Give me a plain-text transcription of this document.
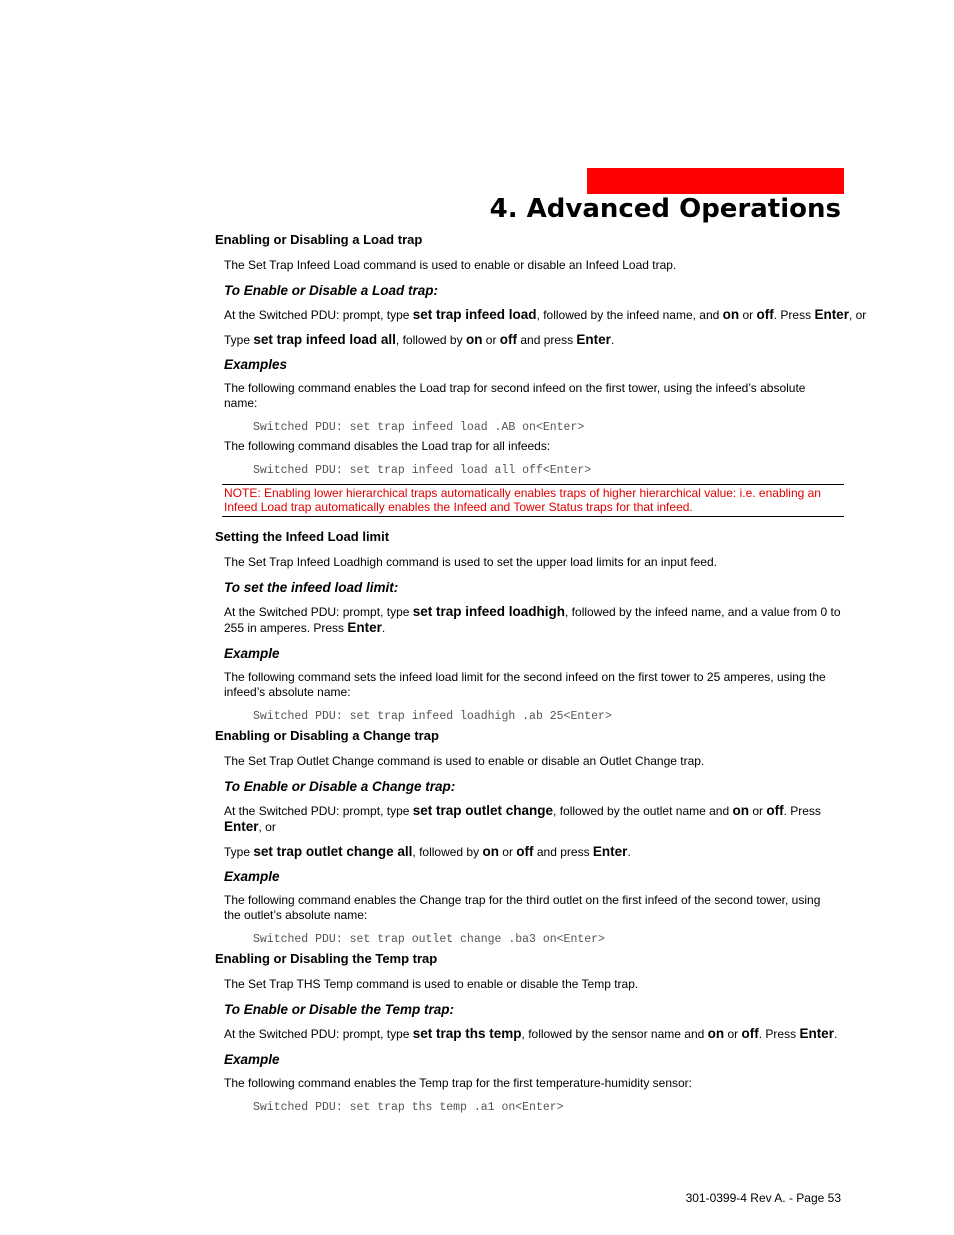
4. Advanced Operations
Enabling or Disabling a Load trap

The Set Trap Infeed Load command is used to enable or disable an Infeed Load trap.

To Enable or Disable a Load trap:

At the Switched PDU: prompt, type set trap infeed load, followed by the infeed name, and on or off. Press Enter, or

Type set trap infeed load all, followed by on or off and press Enter.

Examples

The following command enables the Load trap for second infeed on the first tower, using the infeed’s absolute name:

Switched PDU: set trap infeed load .AB on<Enter>

The following command disables the Load trap for all infeeds:

Switched PDU: set trap infeed load all off<Enter>
NOTE: Enabling lower hierarchical traps automatically enables traps of higher hierarchical value: i.e. enabling an Infeed Load trap automatically enables the Infeed and Tower Status traps for that infeed.
Setting the Infeed Load limit

The Set Trap Infeed Loadhigh command is used to set the upper load limits for an input feed.

To set the infeed load limit:

At the Switched PDU: prompt, type set trap infeed loadhigh, followed by the infeed name, and a value from 0 to 255 in amperes. Press Enter.

Example

The following command sets the infeed load limit for the second infeed on the first tower to 25 amperes, using the infeed’s absolute name:

Switched PDU: set trap infeed loadhigh .ab 25<Enter>
Enabling or Disabling a Change trap

The Set Trap Outlet Change command is used to enable or disable an Outlet Change trap.

To Enable or Disable a Change trap:

At the Switched PDU: prompt, type set trap outlet change, followed by the outlet name and on or off. Press Enter, or

Type set trap outlet change all, followed by on or off and press Enter.

Example

The following command enables the Change trap for the third outlet on the first infeed of the second tower, using the outlet’s absolute name:

Switched PDU: set trap outlet change .ba3 on<Enter>
Enabling or Disabling the Temp trap

The Set Trap THS Temp command is used to enable or disable the Temp trap.

To Enable or Disable the Temp trap:

At the Switched PDU: prompt, type set trap ths temp, followed by the sensor name and on or off. Press Enter.

Example

The following command enables the Temp trap for the first temperature-humidity sensor:

Switched PDU: set trap ths temp .a1 on<Enter>
301-0399-4 Rev A. - Page 53
